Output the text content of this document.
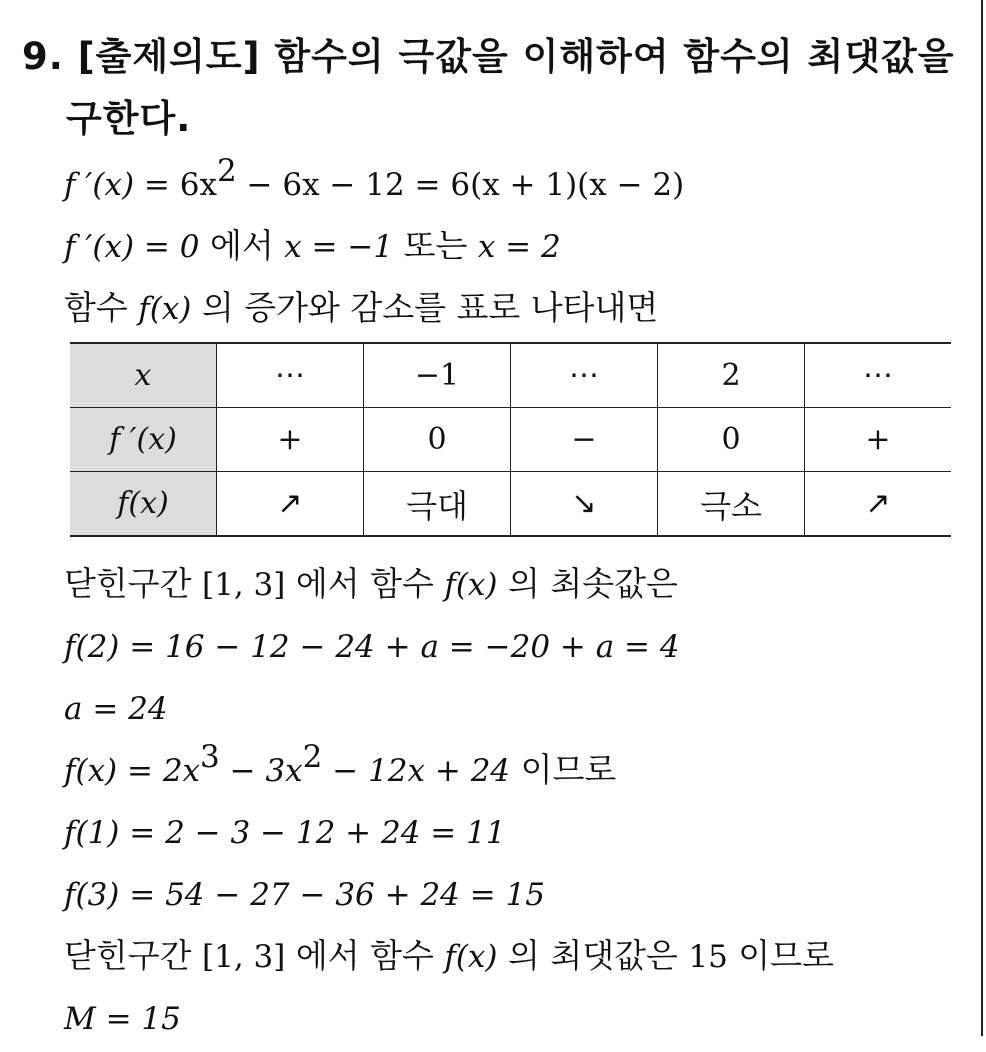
9. [출제의도] 함수의 극값을 이해하여 함수의 최댓값을
구한다.
f $'(x) = 6x^2 - 6x - 12 = 6(x + 1)(x - 2)$
f ′(x) = 0 에서 x = −1 또는 x = 2
함수 f(x) 의 증가와 감소를 표로 나타내면
x	⋯	−1	⋯	2	⋯
f ′(x)	+	0	−	0	+
f(x)	↗	극대	↘	극소	↗
닫힌구간 [1, 3] 에서 함수 f(x) 의 최솟값은
f(2) = 16 − 12 − 24 + a = −20 + a = 4
a = 24
$f(x) = 2x^3 - 3x^2 - 12x + 24$ 이므로
f(1) = 2 − 3 − 12 + 24 = 11
f(3) = 54 − 27 − 36 + 24 = 15
닫힌구간 [1, 3] 에서 함수 f(x) 의 최댓값은 15 이므로
M = 15
